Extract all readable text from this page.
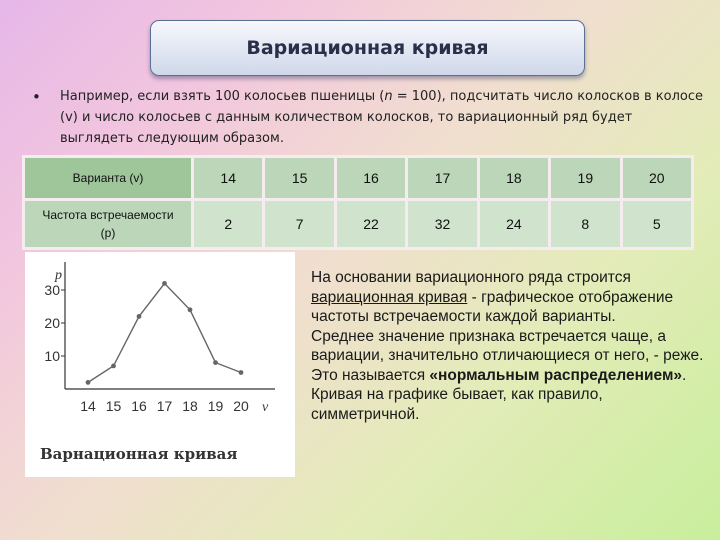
Вариационная кривая
• Например, если взять 100 колосьев пшеницы (n = 100), подсчитать число колосков в колосе (v) и число колосьев с данным количеством колосков, то вариационный ряд будет выглядеть следующим образом.
Варианта (v)	14	15	16	17	18	19	20
Частота встречаемости
(p)	2	7	22	32	24	8	5
10
20
30
14 15 16 17 18 19 20
p
v
Варнационная кривая
На основании вариационного ряда строится вариационная кривая - графическое отображение частоты встречаемости каждой варианты.
Среднее значение признака встречается чаще, а вариации, значительно отличающиеся от него, - реже. Это называется «нормальным распределением». Кривая на графике бывает, как правило, симметричной.
